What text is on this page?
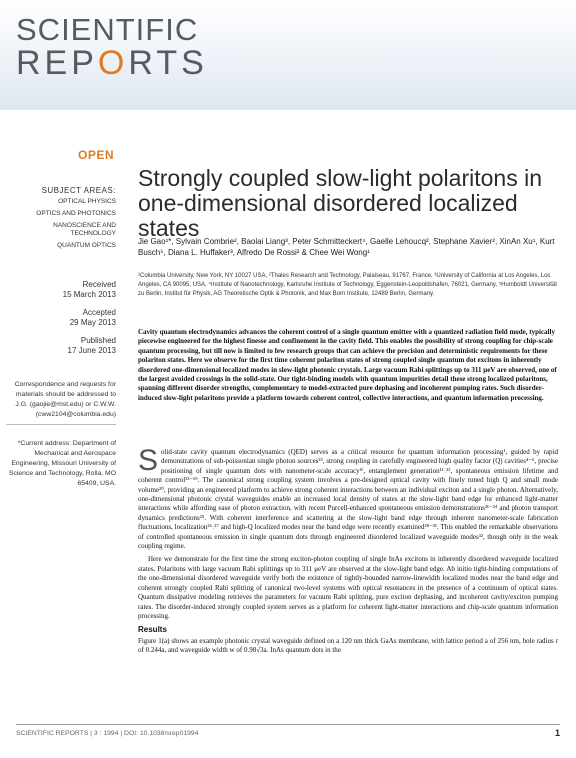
SCIENTIFIC
REPORTS
OPEN
Strongly coupled slow-light polaritons in one-dimensional disordered localized states
SUBJECT AREAS:
OPTICAL PHYSICS
OPTICS AND PHOTONICS
NANOSCIENCE AND TECHNOLOGY
QUANTUM OPTICS
Received
15 March 2013
Accepted
29 May 2013
Published
17 June 2013
Correspondence and requests for materials should be addressed to J.G. (gaojie@mst.edu) or C.W.W. (cww2104@columbia.edu)
*Current address: Department of Mechanical and Aerospace Engineering, Missouri University of Science and Technology, Rolla, MO 65409, USA.
Jie Gao¹*, Sylvain Combrie², Baolai Liang³, Peter Schmitteckert⁴, Gaelle Lehoucq², Stephane Xavier², XinAn Xu¹, Kurt Busch⁵, Diana L. Huffaker³, Alfredo De Rossi² & Chee Wei Wong¹
¹Columbia University, New York, NY 10027 USA, ²Thales Research and Technology, Palaiseau, 91767, France, ³University of California at Los Angeles, Los Angeles, CA 90095, USA, ⁴Institute of Nanotechnology, Karlsruhe Institute of Technology, Eggenstein-Leopoldshafen, 76021, Germany, ⁵Humboldt Universität zu Berlin, Institut für Physik, AG Theoretische Optik & Photonik, and Max Born Institute, 12489 Berlin, Germany.
Cavity quantum electrodynamics advances the coherent control of a single quantum emitter with a quantized radiation field mode, typically piecewise engineered for the highest finesse and confinement in the cavity field. This enables the possibility of strong coupling for chip-scale quantum processing, but till now is limited to few research groups that can achieve the precision and deterministic requirements for these polariton states. Here we observe for the first time coherent polariton states of strong coupled single quantum dot excitons in inherently disordered one-dimensional localized modes in slow-light photonic crystals. Large vacuum Rabi splittings up to 311 μeV are observed, one of the largest avoided crossings in the solid-state. Our tight-binding models with quantum impurities detail these strong localized polaritons, spanning different disorder strengths, complementary to model-extracted pure dephasing and incoherent pumping rates. Such disorder-induced slow-light polaritons provide a platform towards coherent control, collective interactions, and quantum information processing.

Solid-state cavity quantum electrodynamics (QED) serves as a critical resource for quantum information processing¹, guided by rapid demonstrations of sub-poissonian single photon sources²³, strong coupling in carefully engineered high quality factor (Q) cavities⁴⁻⁶, precise positioning of single quantum dots with nanometer-scale accuracy⁶ⁱ, entanglement generation¹¹˒¹², spontaneous emission lifetime and coherent control¹³⁻¹⁹. The canonical strong coupling system involves a pre-designed optical cavity with finely tuned high Q and small mode volume²⁰, providing an engineered platform to achieve strong coherent interactions between an individual exciton and a single photon. Alternatively, one-dimensional photonic crystal waveguides enable an increased local density of states at the slow-light band edge for enhanced light-matter interactions while affording ease of photon extraction, with recent Purcell-enhanced spontaneous emission demonstrations²¹⁻²⁴ and photon transport dynamics predictions²⁵. With coherent interference and scattering at the slow-light band edge through inherent nanometer-scale fabrication fluctuations, localization²⁶˒²⁷ and high-Q localized modes near the band edge were recently examined²⁸⁻³¹. This enabled the remarkable observations of controlled spontaneous emission in single quantum dots through engineered disordered localized waveguide modes³², though only in the weak coupling regime.

Here we demonstrate for the first time the strong exciton-photon coupling of single InAs excitons in inherently disordered waveguide localized states. Polaritons with large vacuum Rabi splittings up to 311 μeV are observed at the slow-light band edge. Ab initio tight-binding computations of the one-dimensional disordered waveguide verify both the existence of tightly-bounded narrow-linewidth localized modes near the band edge and coherent strongly coupled Rabi splitting of canonical two-level systems with optical resonances in the presence of a continuum of optical states. Quantum dissipative modeling retrieves the parameters for vacuum Rabi splitting, pure exciton dephasing, and incoherent cavity/exciton pumping rates. The disorder-induced strongly coupled system serves as a platform for coherent light-matter interactions and chip-scale quantum information processing.

Results

Figure 1(a) shows an example photonic crystal waveguide defined on a 120 nm thick GaAs membrane, with lattice period a of 256 nm, hole radius r of 0.244a, and waveguide width w of 0.98√3a. InAs quantum dots in the

SCIENTIFIC REPORTS | 3 : 1994 | DOI: 10.1038/srep01994	1
